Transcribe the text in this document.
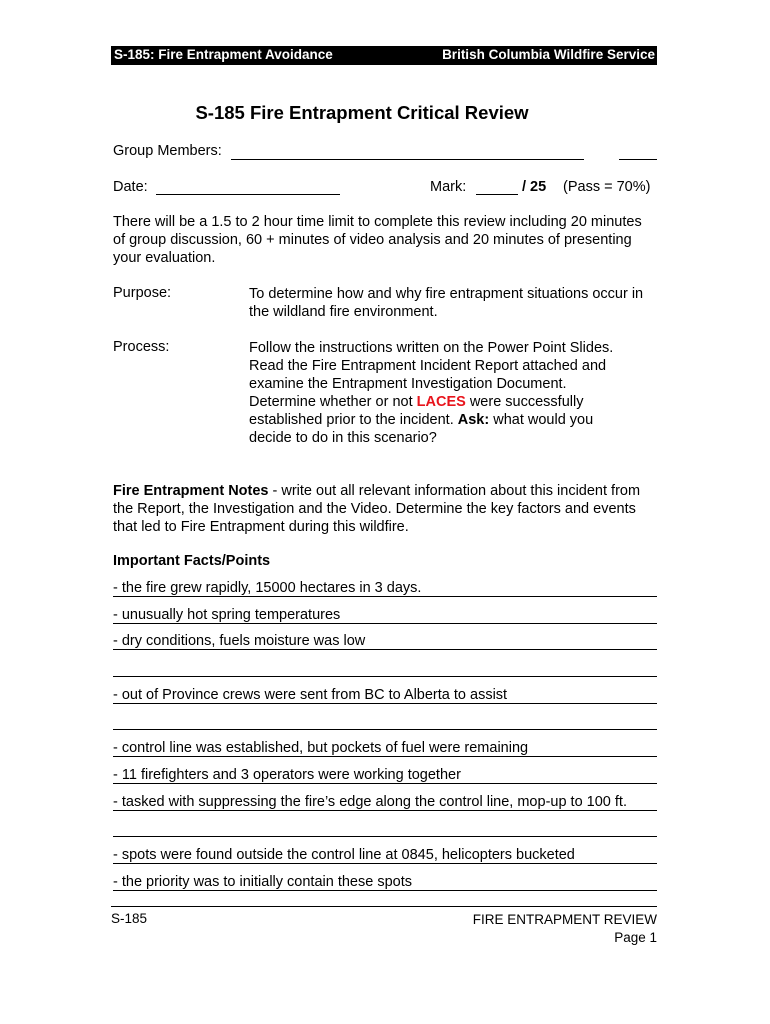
S-185: Fire Entrapment Avoidance	British Columbia Wildfire Service
S-185 Fire Entrapment Critical Review
Group Members:
Date:	Mark:	/ 25 (Pass = 70%)
There will be a 1.5 to 2 hour time limit to complete this review including 20 minutes of group discussion, 60 + minutes of video analysis and 20 minutes of presenting your evaluation.
Purpose:	To determine how and why fire entrapment situations occur in the wildland fire environment.
Process:	Follow the instructions written on the Power Point Slides.
Read the Fire Entrapment Incident Report attached and
examine the Entrapment Investigation Document.
Determine whether or not LACES were successfully
established prior to the incident. Ask: what would you
decide to do in this scenario?
Fire Entrapment Notes - write out all relevant information about this incident from the Report, the Investigation and the Video. Determine the key factors and events that led to Fire Entrapment during this wildfire.
Important Facts/Points
- the fire grew rapidly, 15000 hectares in 3 days.
- unusually hot spring temperatures
- dry conditions, fuels moisture was low
- out of Province crews were sent from BC to Alberta to assist
- control line was established, but pockets of fuel were remaining
- 11 firefighters and 3 operators were working together
- tasked with suppressing the fire’s edge along the control line, mop-up to 100 ft.
- spots were found outside the control line at 0845, helicopters bucketed
- the priority was to initially contain these spots
S-185	FIRE ENTRAPMENT REVIEW
Page 1
